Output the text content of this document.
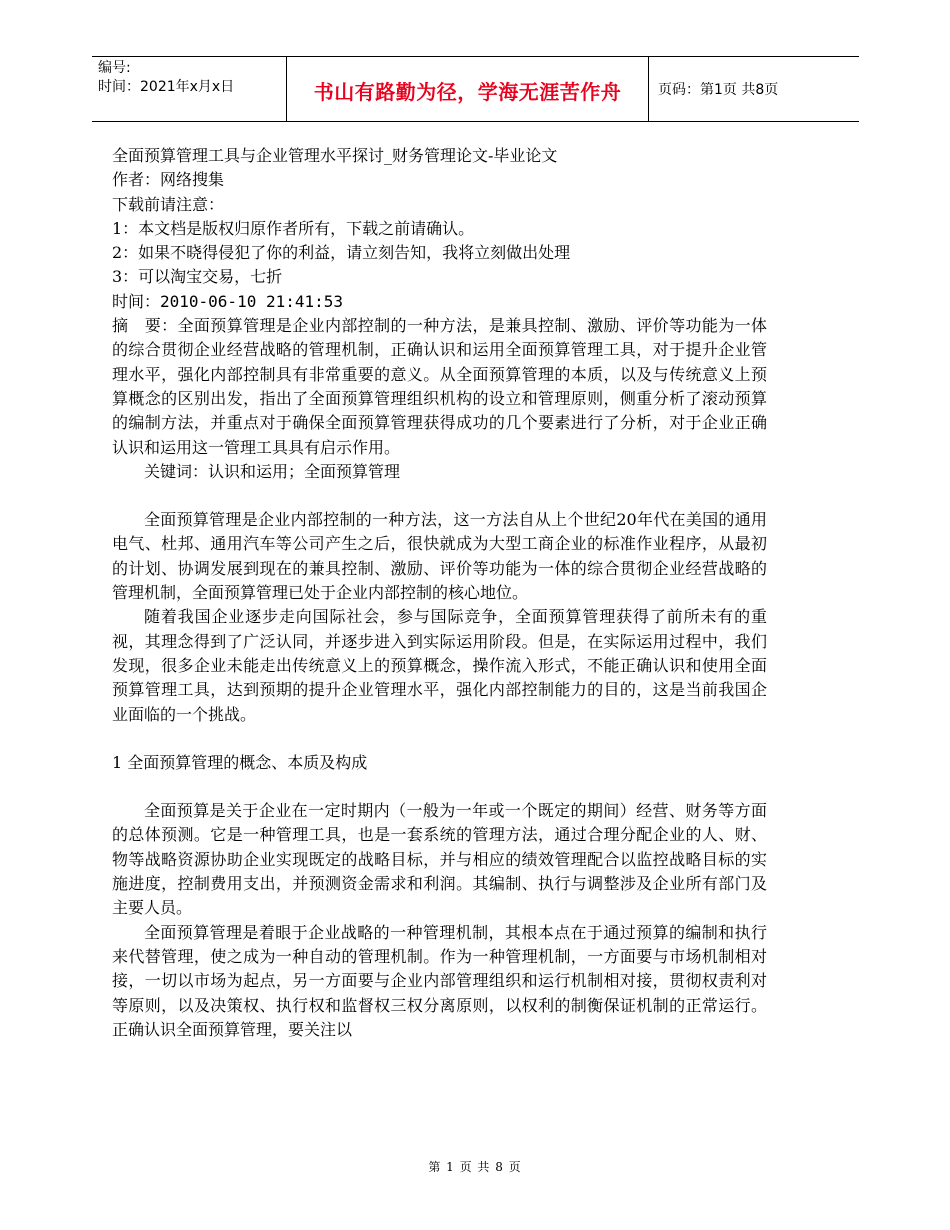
编号:
时间：2021年x月x日	书山有路勤为径，学海无涯苦作舟	页码：第1页 共8页

全面预算管理工具与企业管理水平探讨_财务管理论文-毕业论文

作者：网络搜集

下载前请注意：

1：本文档是版权归原作者所有，下载之前请确认。

2：如果不晓得侵犯了你的利益，请立刻告知，我将立刻做出处理

3：可以淘宝交易，七折

时间：2010-06-10 21:41:53

摘　要：全面预算管理是企业内部控制的一种方法，是兼具控制、激励、评价等功能为一体的综合贯彻企业经营战略的管理机制，正确认识和运用全面预算管理工具，对于提升企业管理水平，强化内部控制具有非常重要的意义。从全面预算管理的本质，以及与传统意义上预算概念的区别出发，指出了全面预算管理组织机构的设立和管理原则，侧重分析了滚动预算的编制方法，并重点对于确保全面预算管理获得成功的几个要素进行了分析，对于企业正确认识和运用这一管理工具具有启示作用。

关键词：认识和运用；全面预算管理

全面预算管理是企业内部控制的一种方法，这一方法自从上个世纪20年代在美国的通用电气、杜邦、通用汽车等公司产生之后，很快就成为大型工商企业的标准作业程序，从最初的计划、协调发展到现在的兼具控制、激励、评价等功能为一体的综合贯彻企业经营战略的管理机制，全面预算管理已处于企业内部控制的核心地位。

随着我国企业逐步走向国际社会，参与国际竞争，全面预算管理获得了前所未有的重视，其理念得到了广泛认同，并逐步进入到实际运用阶段。但是，在实际运用过程中，我们发现，很多企业未能走出传统意义上的预算概念，操作流入形式，不能正确认识和使用全面预算管理工具，达到预期的提升企业管理水平，强化内部控制能力的目的，这是当前我国企业面临的一个挑战。

1 全面预算管理的概念、本质及构成

全面预算是关于企业在一定时期内（一般为一年或一个既定的期间）经营、财务等方面的总体预测。它是一种管理工具，也是一套系统的管理方法，通过合理分配企业的人、财、物等战略资源协助企业实现既定的战略目标，并与相应的绩效管理配合以监控战略目标的实施进度，控制费用支出，并预测资金需求和利润。其编制、执行与调整涉及企业所有部门及主要人员。

全面预算管理是着眼于企业战略的一种管理机制，其根本点在于通过预算的编制和执行来代替管理，使之成为一种自动的管理机制。作为一种管理机制，一方面要与市场机制相对接，一切以市场为起点，另一方面要与企业内部管理组织和运行机制相对接，贯彻权责利对等原则，以及决策权、执行权和监督权三权分离原则，以权利的制衡保证机制的正常运行。正确认识全面预算管理，要关注以

第 1 页 共 8 页
